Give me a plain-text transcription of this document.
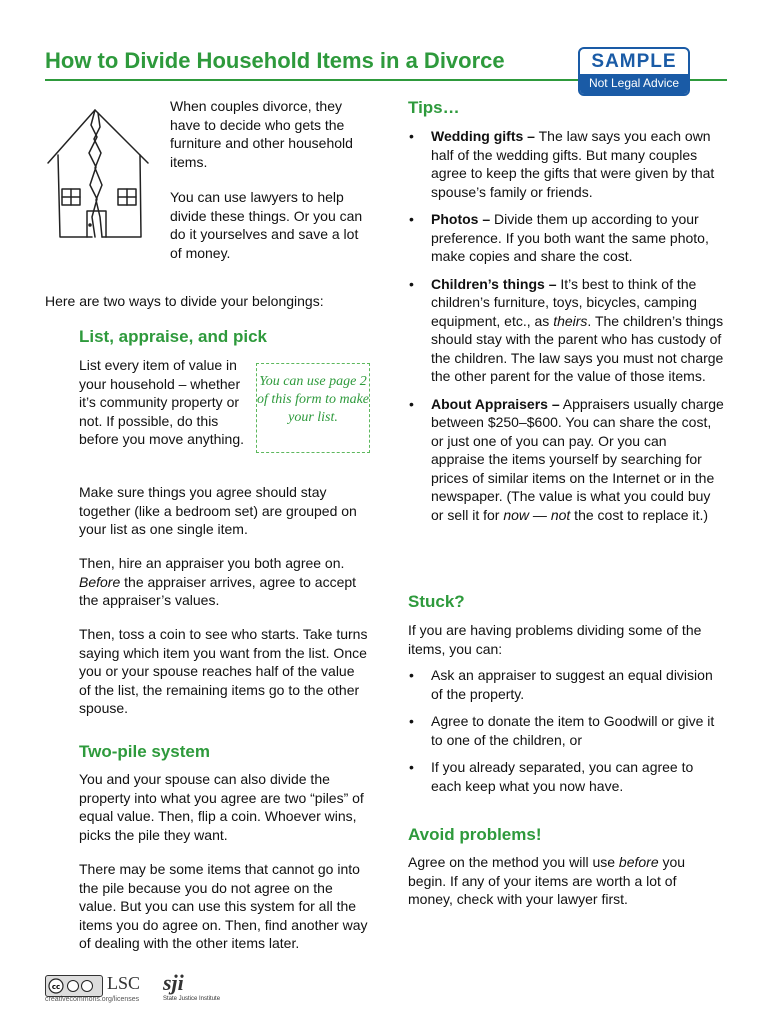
How to Divide Household Items in a Divorce	SAMPLE
Not Legal Advice
When couples divorce, they have to decide who gets the furniture and other household items.
You can use lawyers to help divide these things. Or you can do it yourselves and save a lot of money.
Here are two ways to divide your belongings:
List, appraise, and pick
List every item of value in your household – whether it’s community property or not. If possible, do this before you move anything.
You can use page 2 of this form to make your list.
Make sure things you agree should stay together (like a bedroom set) are grouped on your list as one single item.
Then, hire an appraiser you both agree on. Before the appraiser arrives, agree to accept the appraiser’s values.
Then, toss a coin to see who starts. Take turns saying which item you want from the list. Once you or your spouse reaches half of the value of the list, the remaining items go to the other spouse.
Two-pile system
You and your spouse can also divide the property into what you agree are two “piles” of equal value. Then, flip a coin. Whoever wins, picks the pile they want.
There may be some items that cannot go into the pile because you do not agree on the value. But you can use this system for all the items you do agree on. Then, find another way of dealing with the other items later.
Tips…
• Wedding gifts – The law says you each own half of the wedding gifts. But many couples agree to keep the gifts that were given by that spouse’s family or friends.
• Photos – Divide them up according to your preference. If you both want the same photo, make copies and share the cost.
• Children’s things – It’s best to think of the children’s furniture, toys, bicycles, camping equipment, etc., as theirs. The children’s things should stay with the parent who has custody of the children. The law says you must not charge the other parent for the value of those items.
• About Appraisers – Appraisers usually charge between $250–$600. You can share the cost, or just one of you can pay. Or you can appraise the items yourself by searching for prices of similar items on the Internet or in the newspaper. (The value is what you could buy or sell it for now — not the cost to replace it.)
Stuck?
If you are having problems dividing some of the items, you can:
• Ask an appraiser to suggest an equal division of the property.
• Agree to donate the item to Goodwill or give it to one of the children, or
• If you already separated, you can agree to each keep what you now have.
Avoid problems!
Agree on the method you will use before you begin. If any of your items are worth a lot of money, check with your lawyer first.
cc
creativecommons.org/licenses
LSC sji
State Justice Institute
